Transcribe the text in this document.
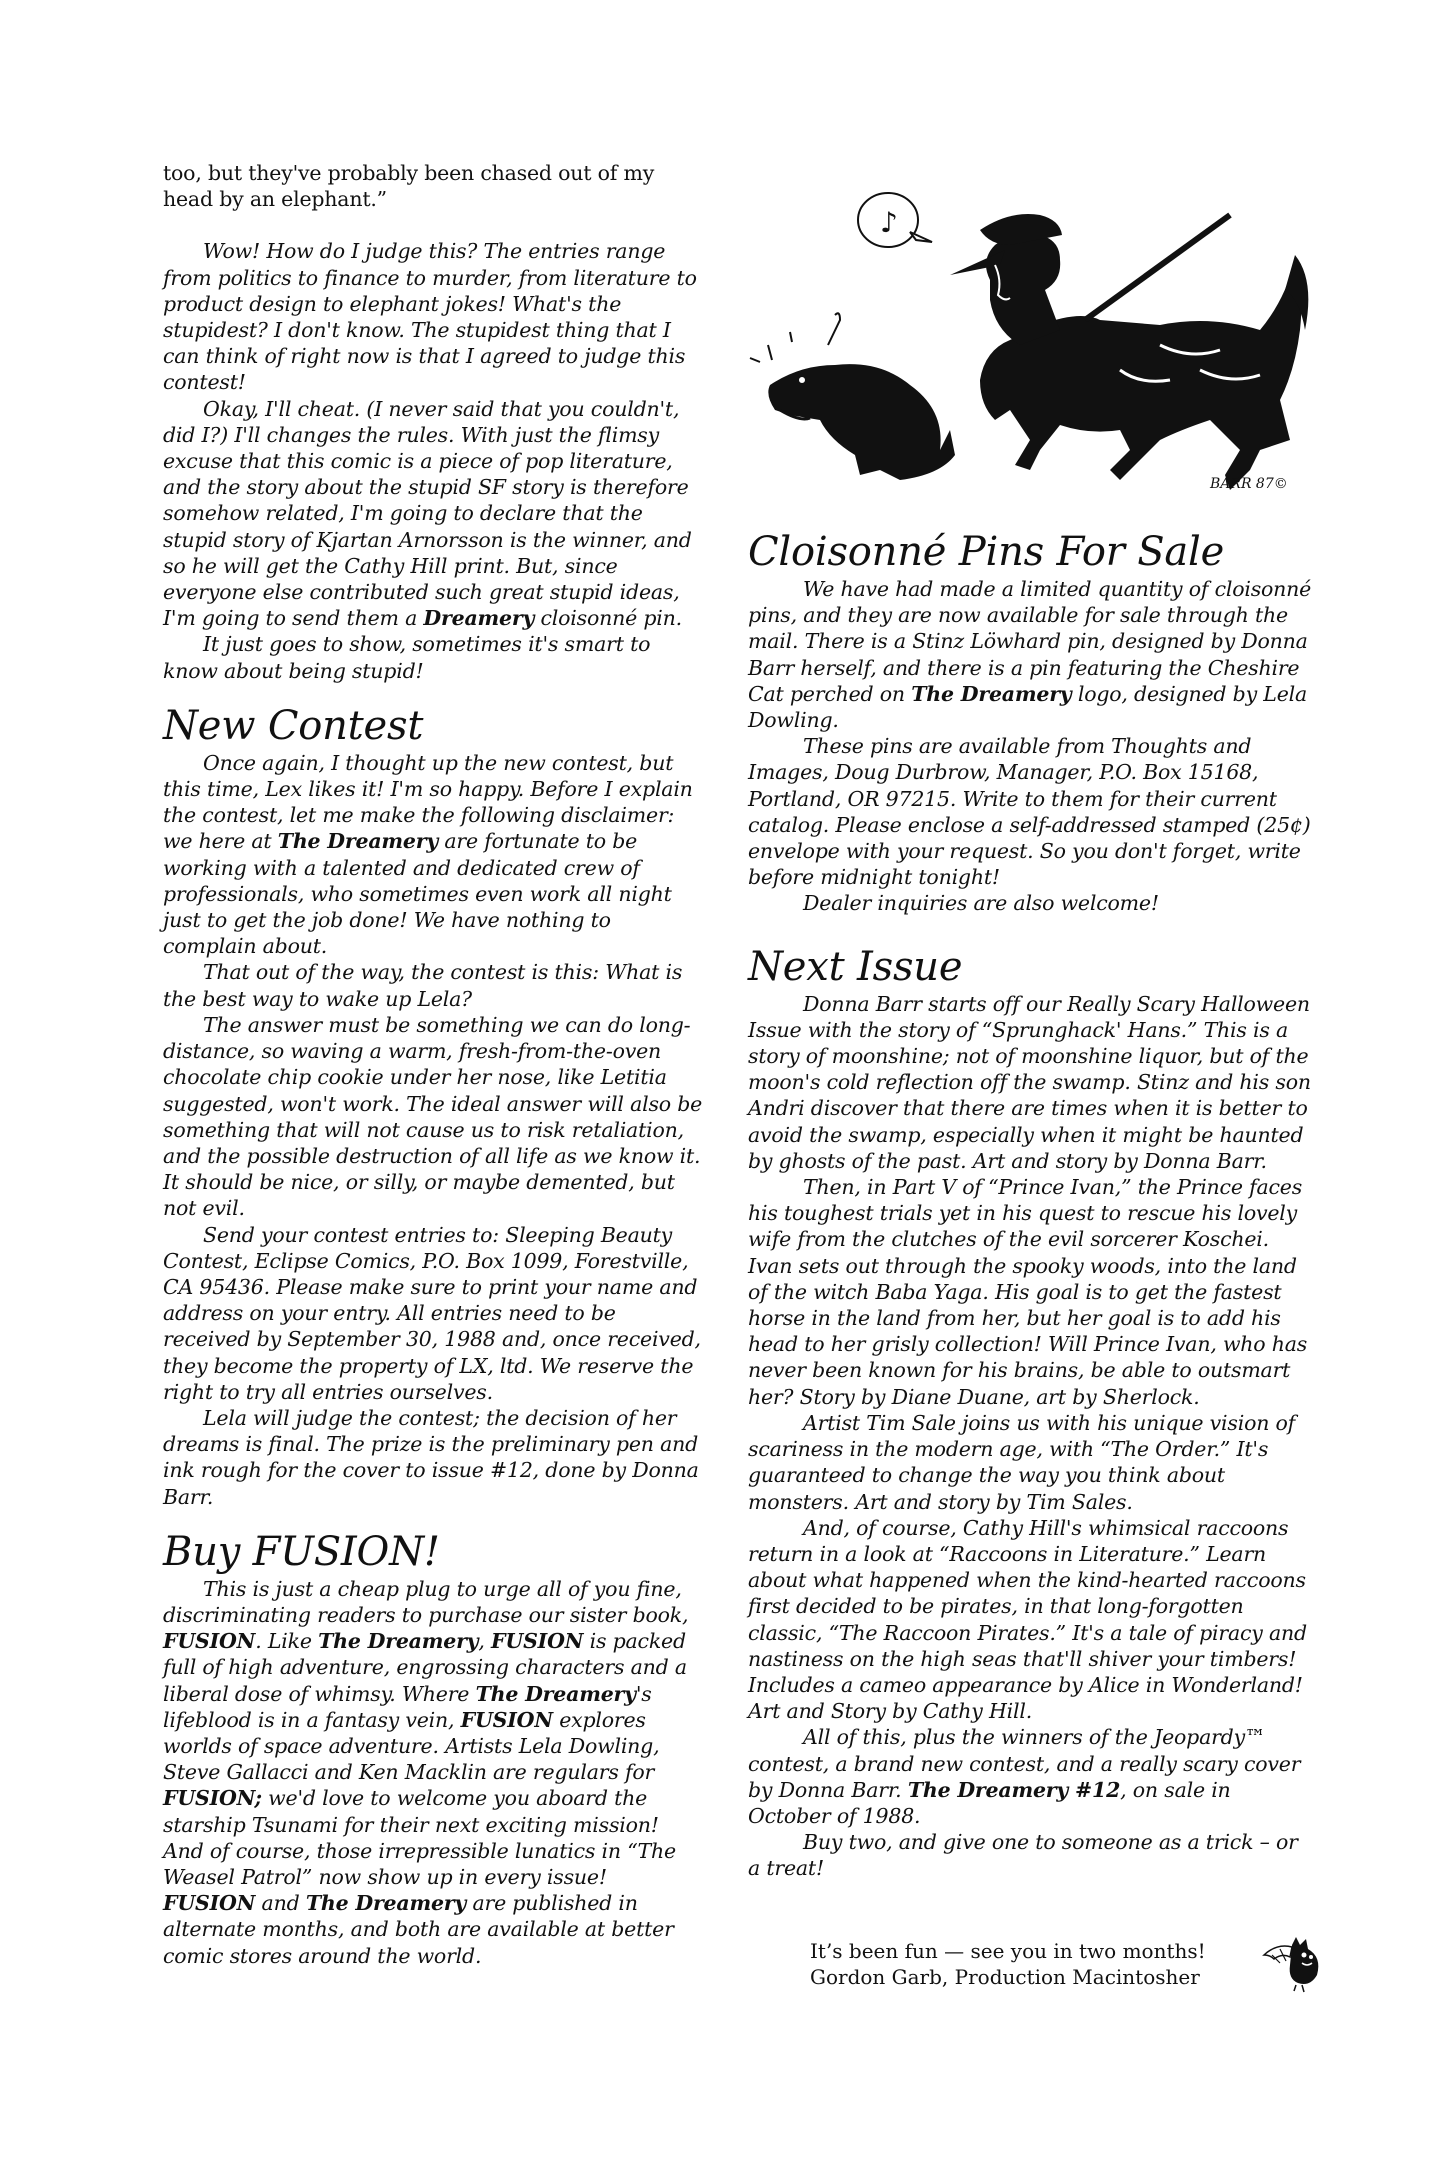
too, but they've probably been chased out of my head by an elephant.”

Wow! How do I judge this? The entries range from politics to finance to murder, from literature to product design to elephant jokes! What's the stupidest? I don't know. The stupidest thing that I can think of right now is that I agreed to judge this contest!

Okay, I'll cheat. (I never said that you couldn't, did I?) I'll changes the rules. With just the flimsy excuse that this comic is a piece of pop literature, and the story about the stupid SF story is therefore somehow related, I'm going to declare that the stupid story of Kjartan Arnorsson is the winner, and so he will get the Cathy Hill print. But, since everyone else contributed such great stupid ideas, I'm going to send them a Dreamery cloisonné pin.

It just goes to show, sometimes it's smart to know about being stupid!

New Contest

Once again, I thought up the new contest, but this time, Lex likes it! I'm so happy. Before I explain the contest, let me make the following disclaimer: we here at The Dreamery are fortunate to be working with a talented and dedicated crew of professionals, who sometimes even work all night just to get the job done! We have nothing to complain about.

That out of the way, the contest is this: What is the best way to wake up Lela?

The answer must be something we can do long-distance, so waving a warm, fresh-from-the-oven chocolate chip cookie under her nose, like Letitia suggested, won't work. The ideal answer will also be something that will not cause us to risk retaliation, and the possible destruction of all life as we know it. It should be nice, or silly, or maybe demented, but not evil.

Send your contest entries to: Sleeping Beauty Contest, Eclipse Comics, P.O. Box 1099, Forestville, CA 95436. Please make sure to print your name and address on your entry. All entries need to be received by September 30, 1988 and, once received, they become the property of LX, ltd. We reserve the right to try all entries ourselves.

Lela will judge the contest; the decision of her dreams is final. The prize is the preliminary pen and ink rough for the cover to issue #12, done by Donna Barr.

Buy FUSION!

This is just a cheap plug to urge all of you fine, discriminating readers to purchase our sister book, FUSION. Like The Dreamery, FUSION is packed full of high adventure, engrossing characters and a liberal dose of whimsy. Where The Dreamery's lifeblood is in a fantasy vein, FUSION explores worlds of space adventure. Artists Lela Dowling, Steve Gallacci and Ken Macklin are regulars for FUSION; we'd love to welcome you aboard the starship Tsunami for their next exciting mission! And of course, those irrepressible lunatics in “The Weasel Patrol” now show up in every issue! FUSION and The Dreamery are published in alternate months, and both are available at better comic stores around the world.

♪
BARR 87©
Cloisonné Pins For Sale

We have had made a limited quantity of cloisonné pins, and they are now available for sale through the mail. There is a Stinz Löwhard pin, designed by Donna Barr herself, and there is a pin featuring the Cheshire Cat perched on The Dreamery logo, designed by Lela Dowling.

These pins are available from Thoughts and Images, Doug Durbrow, Manager, P.O. Box 15168, Portland, OR 97215. Write to them for their current catalog. Please enclose a self-addressed stamped (25¢) envelope with your request. So you don't forget, write before midnight tonight!

Dealer inquiries are also welcome!

Next Issue

Donna Barr starts off our Really Scary Halloween Issue with the story of “Sprunghack' Hans.” This is a story of moonshine; not of moonshine liquor, but of the moon's cold reflection off the swamp. Stinz and his son Andri discover that there are times when it is better to avoid the swamp, especially when it might be haunted by ghosts of the past. Art and story by Donna Barr.

Then, in Part V of “Prince Ivan,” the Prince faces his toughest trials yet in his quest to rescue his lovely wife from the clutches of the evil sorcerer Koschei. Ivan sets out through the spooky woods, into the land of the witch Baba Yaga. His goal is to get the fastest horse in the land from her, but her goal is to add his head to her grisly collection! Will Prince Ivan, who has never been known for his brains, be able to outsmart her? Story by Diane Duane, art by Sherlock.

Artist Tim Sale joins us with his unique vision of scariness in the modern age, with “The Order.” It's guaranteed to change the way you think about monsters. Art and story by Tim Sales.

And, of course, Cathy Hill's whimsical raccoons return in a look at “Raccoons in Literature.” Learn about what happened when the kind-hearted raccoons first decided to be pirates, in that long-forgotten classic, “The Raccoon Pirates.” It's a tale of piracy and nastiness on the high seas that'll shiver your timbers! Includes a cameo appearance by Alice in Wonderland! Art and Story by Cathy Hill.

All of this, plus the winners of the Jeopardy™ contest, a brand new contest, and a really scary cover by Donna Barr. The Dreamery #12, on sale in October of 1988.

Buy two, and give one to someone as a trick – or a treat!

It’s been fun — see you in two months!
Gordon Garb, Production Macintosher
